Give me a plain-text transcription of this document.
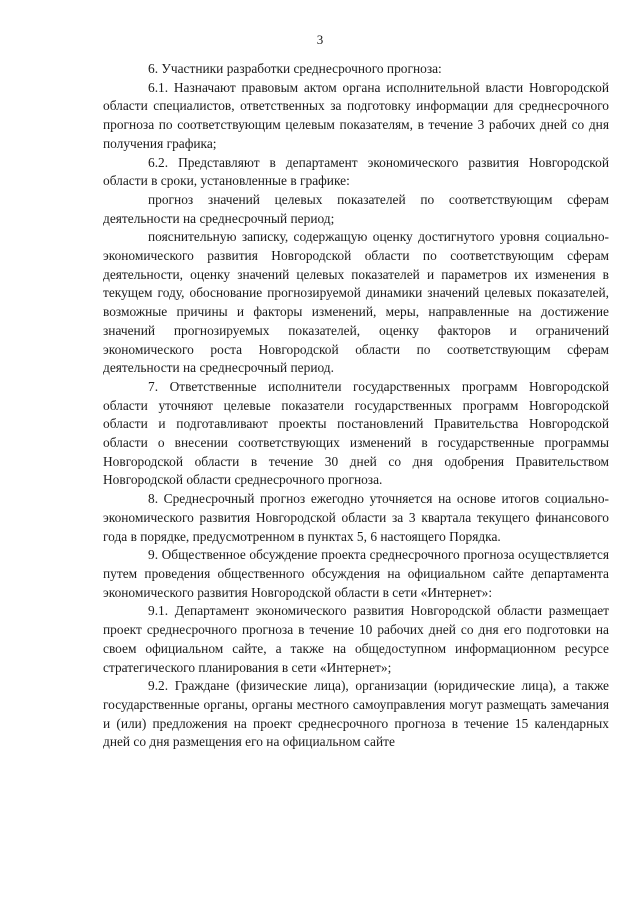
3

6. Участники разработки среднесрочного прогноза:

6.1. Назначают правовым актом органа исполнительной власти Новгородской области специалистов, ответственных за подготовку информации для среднесрочного прогноза по соответствующим целевым показателям, в течение 3 рабочих дней со дня получения графика;

6.2. Представляют в департамент экономического развития Новгородской области в сроки, установленные в графике:

прогноз значений целевых показателей по соответствующим сферам деятельности на среднесрочный период;

пояснительную записку, содержащую оценку достигнутого уровня социально-экономического развития Новгородской области по соответствующим сферам деятельности, оценку значений целевых показателей и параметров их изменения в текущем году, обоснование прогнозируемой динамики значений целевых показателей, возможные причины и факторы изменений, меры, направленные на достижение значений прогнозируемых показателей, оценку факторов и ограничений экономического роста Новгородской области по соответствующим сферам деятельности на среднесрочный период.

7. Ответственные исполнители государственных программ Новгородской области уточняют целевые показатели государственных программ Новгородской области и подготавливают проекты постановлений Правительства Новгородской области о внесении соответствующих изменений в государственные программы Новгородской области в течение 30 дней со дня одобрения Правительством Новгородской области среднесрочного прогноза.

8. Среднесрочный прогноз ежегодно уточняется на основе итогов социально-экономического развития Новгородской области за 3 квартала текущего финансового года в порядке, предусмотренном в пунктах 5, 6 настоящего Порядка.

9. Общественное обсуждение проекта среднесрочного прогноза осуществляется путем проведения общественного обсуждения на официальном сайте департамента экономического развития Новгородской области в сети «Интернет»:

9.1. Департамент экономического развития Новгородской области размещает проект среднесрочного прогноза в течение 10 рабочих дней со дня его подготовки на своем официальном сайте, а также на общедоступном информационном ресурсе стратегического планирования в сети «Интернет»;

9.2. Граждане (физические лица), организации (юридические лица), а также государственные органы, органы местного самоуправления могут размещать замечания и (или) предложения на проект среднесрочного прогноза в течение 15 календарных дней со дня размещения его на официальном сайте
